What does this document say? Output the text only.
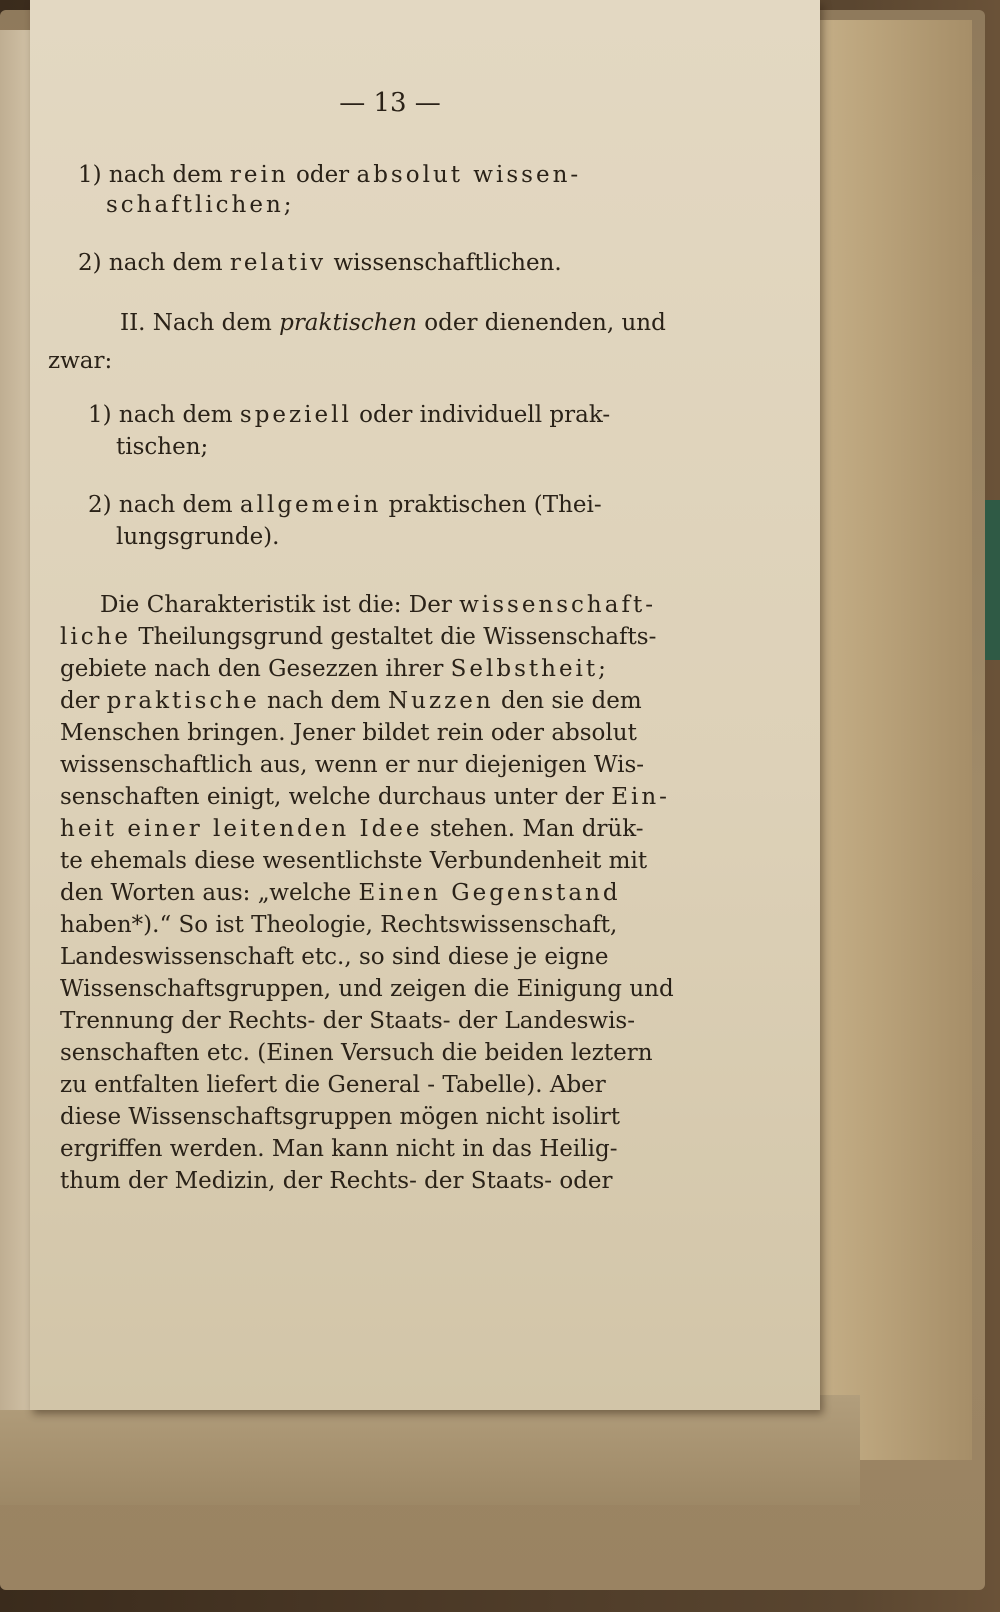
— 13 —
1) nach dem rein oder absolut wissen-
schaftlichen;
2) nach dem relativ wissenschaftlichen.
II. Nach dem praktischen oder dienenden, und
zwar:
1) nach dem speziell oder individuell prak-
tischen;
2) nach dem allgemein praktischen (Thei-
lungsgrunde).
Die Charakteristik ist die: Der wissenschaft-
liche Theilungsgrund gestaltet die Wissenschafts-
gebiete nach den Gesezzen ihrer Selbstheit;
der praktische nach dem Nuzzen den sie dem
Menschen bringen. Jener bildet rein oder absolut
wissenschaftlich aus, wenn er nur diejenigen Wis-
senschaften einigt, welche durchaus unter der Ein-
heit einer leitenden Idee stehen. Man drük-
te ehemals diese wesentlichste Verbundenheit mit
den Worten aus: „welche Einen Gegenstand
haben*).“ So ist Theologie, Rechtswissenschaft,
Landeswissenschaft etc., so sind diese je eigne
Wissenschaftsgruppen, und zeigen die Einigung und
Trennung der Rechts- der Staats- der Landeswis-
senschaften etc. (Einen Versuch die beiden leztern
zu entfalten liefert die General - Tabelle). Aber
diese Wissenschaftsgruppen mögen nicht isolirt
ergriffen werden. Man kann nicht in das Heilig-
thum der Medizin, der Rechts- der Staats- oder
